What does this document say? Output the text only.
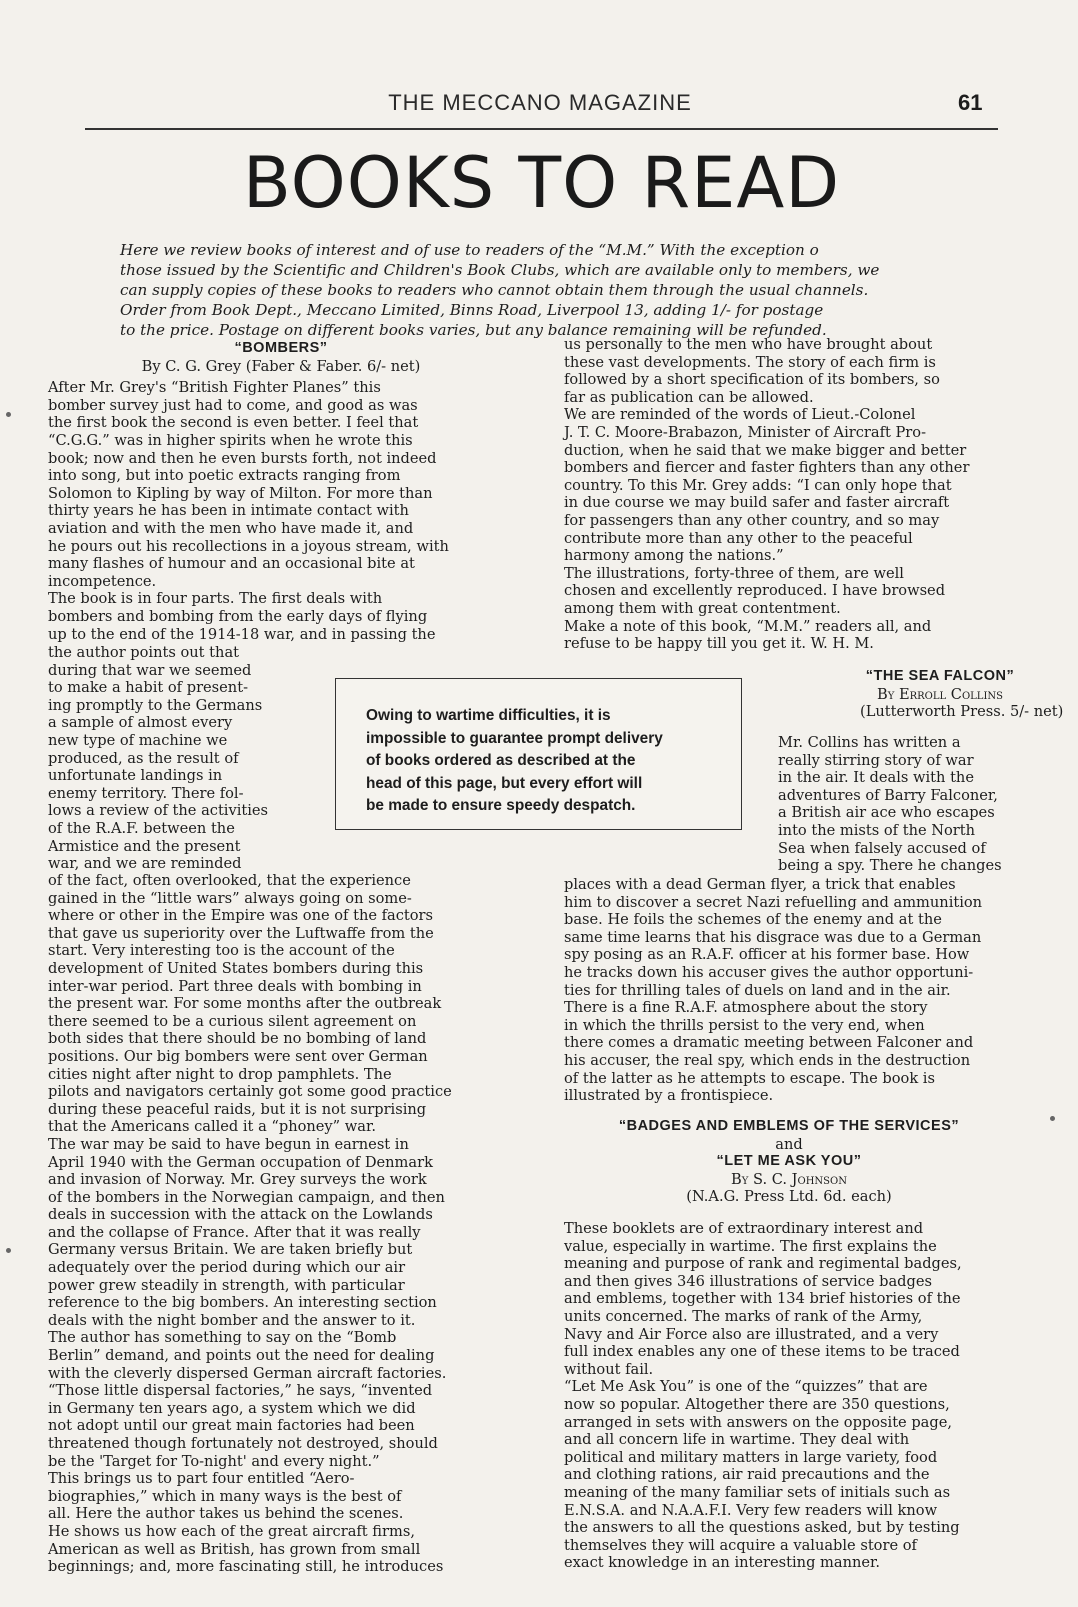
THE MECCANO MAGAZINE	61
BOOKS TO READ

Here we review books of interest and of use to readers of the “M.M.” With the exception o

those issued by the Scientific and Children's Book Clubs, which are available only to members, we

can supply copies of these books to readers who cannot obtain them through the usual channels.

Order from Book Dept., Meccano Limited, Binns Road, Liverpool 13, adding 1/- for postage

to the price. Postage on different books varies, but any balance remaining will be refunded.

“BOMBERS”

By C. G. Grey (Faber & Faber. 6/- net)

After Mr. Grey's “British Fighter Planes” this

bomber survey just had to come, and good as was

the first book the second is even better. I feel that

“C.G.G.” was in higher spirits when he wrote this

book; now and then he even bursts forth, not indeed

into song, but into poetic extracts ranging from

Solomon to Kipling by way of Milton. For more than

thirty years he has been in intimate contact with

aviation and with the men who have made it, and

he pours out his recollections in a joyous stream, with

many flashes of humour and an occasional bite at

incompetence.

The book is in four parts. The first deals with

bombers and bombing from the early days of flying

up to the end of the 1914-18 war, and in passing the

the author points out that

during that war we seemed

to make a habit of present-

ing promptly to the Germans

a sample of almost every

new type of machine we

produced, as the result of

unfortunate landings in

enemy territory. There fol-

lows a review of the activities

of the R.A.F. between the

Armistice and the present

war, and we are reminded

of the fact, often overlooked, that the experience

gained in the “little wars” always going on some-

where or other in the Empire was one of the factors

that gave us superiority over the Luftwaffe from the

start. Very interesting too is the account of the

development of United States bombers during this

inter-war period. Part three deals with bombing in

the present war. For some months after the outbreak

there seemed to be a curious silent agreement on

both sides that there should be no bombing of land

positions. Our big bombers were sent over German

cities night after night to drop pamphlets. The

pilots and navigators certainly got some good practice

during these peaceful raids, but it is not surprising

that the Americans called it a “phoney” war.

The war may be said to have begun in earnest in

April 1940 with the German occupation of Denmark

and invasion of Norway. Mr. Grey surveys the work

of the bombers in the Norwegian campaign, and then

deals in succession with the attack on the Lowlands

and the collapse of France. After that it was really

Germany versus Britain. We are taken briefly but

adequately over the period during which our air

power grew steadily in strength, with particular

reference to the big bombers. An interesting section

deals with the night bomber and the answer to it.

The author has something to say on the “Bomb

Berlin” demand, and points out the need for dealing

with the cleverly dispersed German aircraft factories.

“Those little dispersal factories,” he says, “invented

in Germany ten years ago, a system which we did

not adopt until our great main factories had been

threatened though fortunately not destroyed, should

be the 'Target for To-night' and every night.”

This brings us to part four entitled “Aero-

biographies,” which in many ways is the best of

all. Here the author takes us behind the scenes.

He shows us how each of the great aircraft firms,

American as well as British, has grown from small

beginnings; and, more fascinating still, he introduces

Owing to wartime difficulties, it is

impossible to guarantee prompt delivery

of books ordered as described at the

head of this page, but every effort will

be made to ensure speedy despatch.

us personally to the men who have brought about

these vast developments. The story of each firm is

followed by a short specification of its bombers, so

far as publication can be allowed.

We are reminded of the words of Lieut.-Colonel

J. T. C. Moore-Brabazon, Minister of Aircraft Pro-

duction, when he said that we make bigger and better

bombers and fiercer and faster fighters than any other

country. To this Mr. Grey adds: “I can only hope that

in due course we may build safer and faster aircraft

for passengers than any other country, and so may

contribute more than any other to the peaceful

harmony among the nations.”

The illustrations, forty-three of them, are well

chosen and excellently reproduced. I have browsed

among them with great contentment.

Make a note of this book, “M.M.” readers all, and

refuse to be happy till you get it. W. H. M.

“THE SEA FALCON”

By Erroll Collins

(Lutterworth Press. 5/- net)

Mr. Collins has written a

really stirring story of war

in the air. It deals with the

adventures of Barry Falconer,

a British air ace who escapes

into the mists of the North

Sea when falsely accused of

being a spy. There he changes

places with a dead German flyer, a trick that enables

him to discover a secret Nazi refuelling and ammunition

base. He foils the schemes of the enemy and at the

same time learns that his disgrace was due to a German

spy posing as an R.A.F. officer at his former base. How

he tracks down his accuser gives the author opportuni-

ties for thrilling tales of duels on land and in the air.

There is a fine R.A.F. atmosphere about the story

in which the thrills persist to the very end, when

there comes a dramatic meeting between Falconer and

his accuser, the real spy, which ends in the destruction

of the latter as he attempts to escape. The book is

illustrated by a frontispiece.

“BADGES AND EMBLEMS OF THE SERVICES”

and

“LET ME ASK YOU”

By S. C. Johnson

(N.A.G. Press Ltd. 6d. each)

These booklets are of extraordinary interest and

value, especially in wartime. The first explains the

meaning and purpose of rank and regimental badges,

and then gives 346 illustrations of service badges

and emblems, together with 134 brief histories of the

units concerned. The marks of rank of the Army,

Navy and Air Force also are illustrated, and a very

full index enables any one of these items to be traced

without fail.

“Let Me Ask You” is one of the “quizzes” that are

now so popular. Altogether there are 350 questions,

arranged in sets with answers on the opposite page,

and all concern life in wartime. They deal with

political and military matters in large variety, food

and clothing rations, air raid precautions and the

meaning of the many familiar sets of initials such as

E.N.S.A. and N.A.A.F.I. Very few readers will know

the answers to all the questions asked, but by testing

themselves they will acquire a valuable store of

exact knowledge in an interesting manner.
